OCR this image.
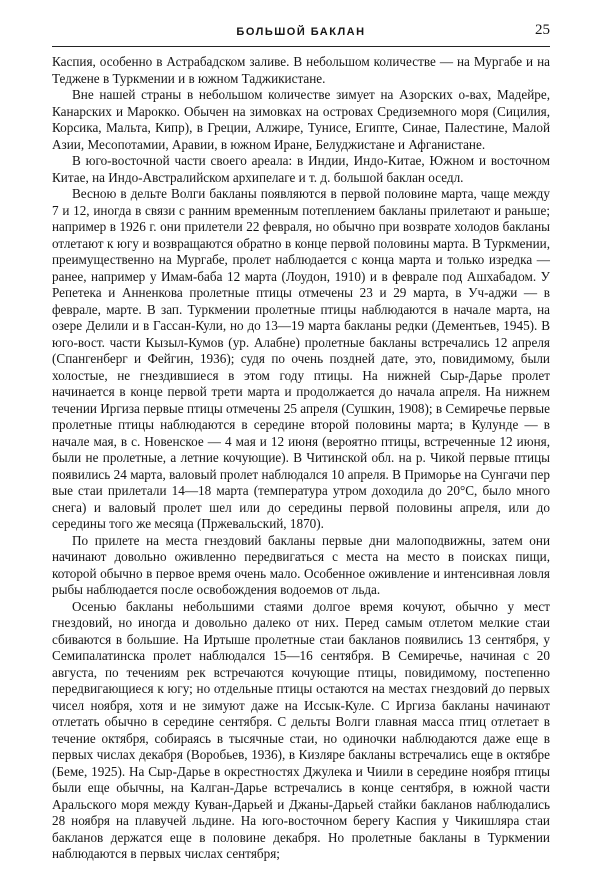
БОЛЬШОЙ БАКЛАН	25

Каспия, особенно в Астрабадском заливе. В небольшом количестве — на Мургабе и на Теджене в Туркмении и в южном Таджикистане.

Вне нашей страны в небольшом количестве зимует на Азорских о-вах, Мадейре, Канарских и Марокко. Обычен на зимовках на островах Средиземного моря (Сицилия, Корсика, Мальта, Кипр), в Греции, Алжире, Тунисе, Египте, Синае, Палестине, Малой Азии, Месопотамии, Аравии, в южном Иране, Белуджистане и Афганистане.

В юго-восточной части своего ареала: в Индии, Индо-Китае, Южном и восточном Китае, на Индо-Австралийском архипелаге и т. д. большой баклан оседл.

Весною в дельте Волги бакланы появляются в первой половине марта, чаще между 7 и 12, иногда в связи с ранним временным потеплением бакланы прилетают и раньше; например в 1926 г. они прилетели 22 февраля, но обычно при возврате холодов бакланы отлетают к югу и возвращаются обратно в конце первой половины марта. В Туркмении, преимущественно на Мургабе, пролет наблюдается с конца марта и только изредка — ранее, например у Имам-баба 12 марта (Лоудон, 1910) и в феврале под Ашхабадом. У Репетека и Анненкова пролетные птицы отмечены 23 и 29 марта, в Уч-аджи — в феврале, марте. В зап. Туркмении пролетные птицы наблюдаются в начале марта, на озере Делили и в Гассан-Кули, но до 13—19 марта бакланы редки (Дементьев, 1945). В юго-вост. части Кызыл-Кумов (ур. Алабне) пролетные бакланы встречались 12 апреля (Спангенберг и Фейгин, 1936); судя по очень поздней дате, это, повидимому, были холостые, не гнездившиеся в этом году птицы. На нижней Сыр-Дарье пролет начинается в конце первой трети марта и продолжается до начала апреля. На нижнем течении Иргиза первые птицы отмечены 25 апреля (Сушкин, 1908); в Семиречье первые пролетные птицы наблюдаются в середине второй половины марта; в Кулунде — в начале мая, в с. Новенское — 4 мая и 12 июня (вероятно птицы, встреченные 12 июня, были не пролетные, а летние кочующие). В Читинской обл. на р. Чикой первые птицы появились 24 марта, валовый пролет наблюдался 10 апреля. В Приморье на Сунгачи пер вые стаи прилетали 14—18 марта (температура утром доходила до 20°С, было много снега) и валовый пролет шел или до середины первой половины апреля, или до середины того же месяца (Пржевальский, 1870).

По прилете на места гнездовий бакланы первые дни малоподвижны, затем они начинают довольно оживленно передвигаться с места на место в поисках пищи, которой обычно в первое время очень мало. Особенное оживление и интенсивная ловля рыбы наблюдается после освобождения водоемов от льда.

Осенью бакланы небольшими стаями долгое время кочуют, обычно у мест гнездовий, но иногда и довольно далеко от них. Перед самым отлетом мелкие стаи сбиваются в большие. На Иртыше пролетные стаи бакланов появились 13 сентября, у Семипалатинска пролет наблюдался 15—16 сентября. В Семиречье, начиная с 20 августа, по течениям рек встречаются кочующие птицы, повидимому, постепенно передвигающиеся к югу; но отдельные птицы остаются на местах гнездовий до первых чисел ноября, хотя и не зимуют даже на Иссык-Куле. С Иргиза бакланы начинают отлетать обычно в середине сентября. С дельты Волги главная масса птиц отлетает в течение октября, собираясь в тысячные стаи, но одиночки наблюдаются даже еще в первых числах декабря (Воробьев, 1936), в Кизляре бакланы встречались еще в октябре (Беме, 1925). На Сыр-Дарье в окрестностях Джулека и Чиили в середине ноября птицы были еще обычны, на Калган-Дарье встречались в конце сентября, в южной части Аральского моря между Куван-Дарьей и Джаны-Дарьей стайки бакланов наблюдались 28 ноября на плавучей льдине. На юго-восточном берегу Каспия у Чикишляра стаи бакланов держатся еще в половине декабря. Но пролетные бакланы в Туркмении наблюдаются в первых числах сентября;
